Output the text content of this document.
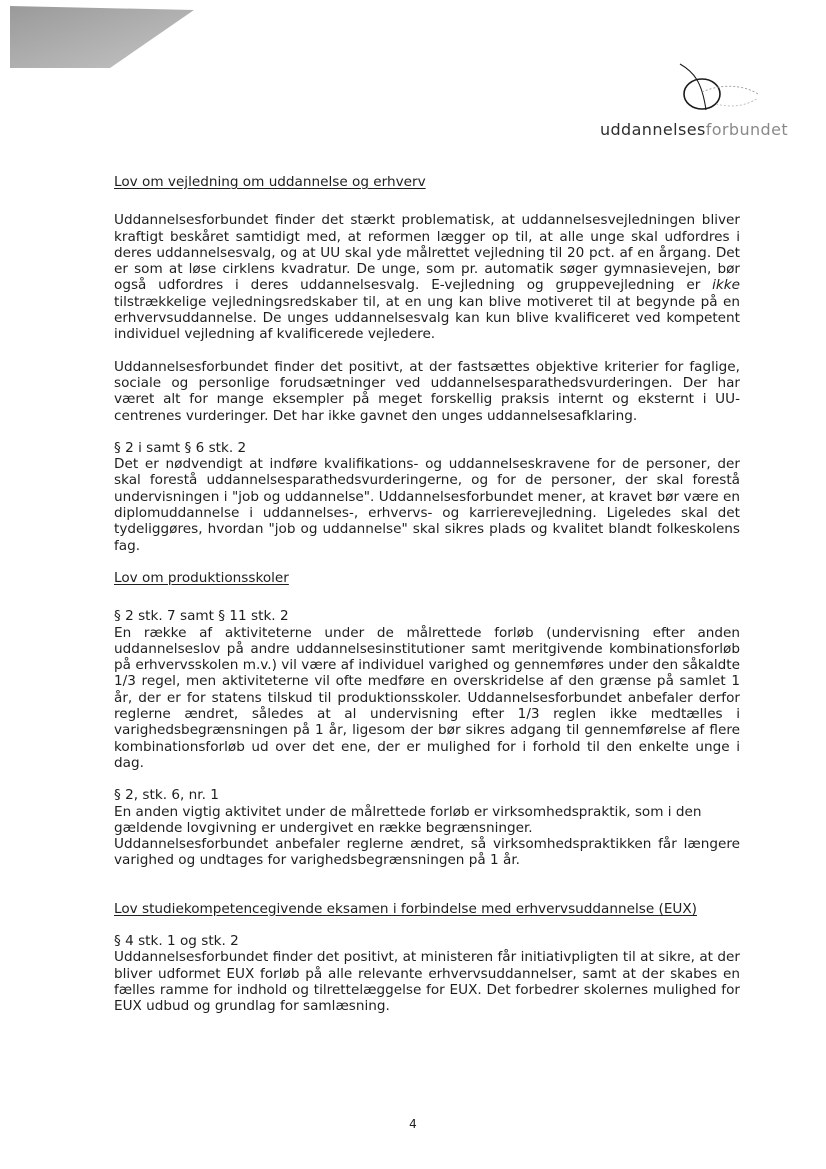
uddannelsesforbundet

Lov om vejledning om uddannelse og erhverv

Uddannelsesforbundet finder det stærkt problematisk, at uddannelsesvejledningen bliver kraftigt beskåret samtidigt med, at reformen lægger op til, at alle unge skal udfordres i deres uddannelsesvalg, og at UU skal yde målrettet vejledning til 20 pct. af en årgang. Det er som at løse cirklens kvadratur. De unge, som pr. automatik søger gymnasievejen, bør også udfordres i deres uddannelsesvalg. E-vejledning og gruppevejledning er ikke tilstrækkelige vejledningsredskaber til, at en ung kan blive motiveret til at begynde på en erhvervsuddannelse. De unges uddannelsesvalg kan kun blive kvalificeret ved kompetent individuel vejledning af kvalificerede vejledere.

Uddannelsesforbundet finder det positivt, at der fastsættes objektive kriterier for faglige, sociale og personlige forudsætninger ved uddannelsesparathedsvurderingen. Der har været alt for mange eksempler på meget forskellig praksis internt og eksternt i UU-centrenes vurderinger. Det har ikke gavnet den unges uddannelsesafklaring.

§ 2 i samt § 6 stk. 2

Det er nødvendigt at indføre kvalifikations- og uddannelseskravene for de personer, der skal forestå uddannelsesparathedsvurderingerne, og for de personer, der skal forestå undervisningen i "job og uddannelse". Uddannelsesforbundet mener, at kravet bør være en diplomuddannelse i uddannelses-, erhvervs- og karrierevejledning. Ligeledes skal det tydeliggøres, hvordan "job og uddannelse" skal sikres plads og kvalitet blandt folkeskolens fag.

Lov om produktionsskoler

§ 2 stk. 7 samt § 11 stk. 2

En række af aktiviteterne under de målrettede forløb (undervisning efter anden uddannelseslov på andre uddannelsesinstitutioner samt meritgivende kombinationsforløb på erhvervsskolen m.v.) vil være af individuel varighed og gennemføres under den såkaldte 1/3 regel, men aktiviteterne vil ofte medføre en overskridelse af den grænse på samlet 1 år, der er for statens tilskud til produktionsskoler. Uddannelsesforbundet anbefaler derfor reglerne ændret, således at al undervisning efter 1/3 reglen ikke medtælles i varighedsbegrænsningen på 1 år, ligesom der bør sikres adgang til gennemførelse af flere kombinationsforløb ud over det ene, der er mulighed for i forhold til den enkelte unge i dag.

§ 2, stk. 6, nr. 1

En anden vigtig aktivitet under de målrettede forløb er virksomhedspraktik, som i den gældende lovgivning er undergivet en række begrænsninger.

Uddannelsesforbundet anbefaler reglerne ændret, så virksomhedspraktikken får længere varighed og undtages for varighedsbegrænsningen på 1 år.

Lov studiekompetencegivende eksamen i forbindelse med erhvervsuddannelse (EUX)

§ 4 stk. 1 og stk. 2

Uddannelsesforbundet finder det positivt, at ministeren får initiativpligten til at sikre, at der bliver udformet EUX forløb på alle relevante erhvervsuddannelser, samt at der skabes en fælles ramme for indhold og tilrettelæggelse for EUX. Det forbedrer skolernes mulighed for EUX udbud og grundlag for samlæsning.

4
